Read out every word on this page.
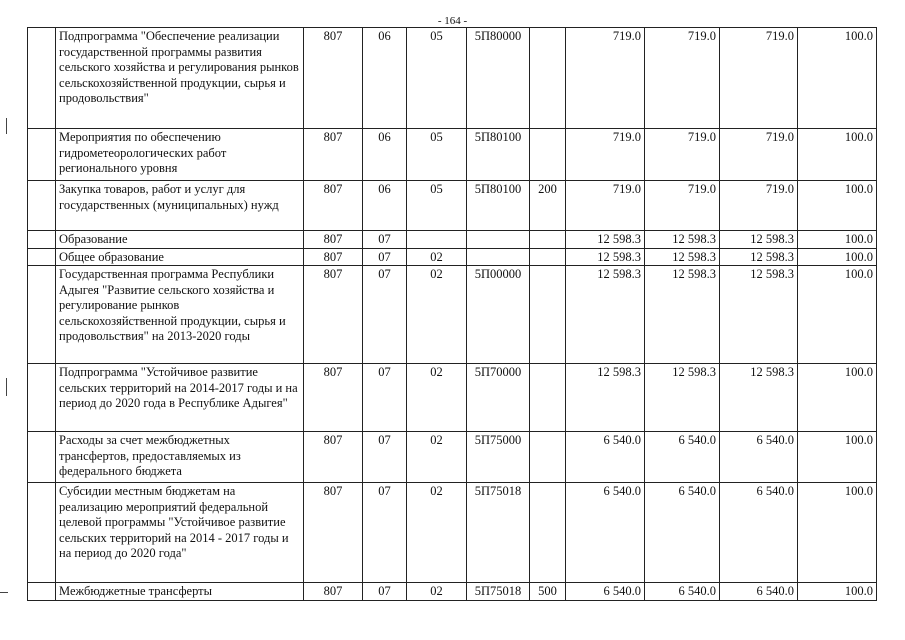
- 164 -
	Подпрограмма "Обеспечение реализации государственной программы развития сельского хозяйства и регулирования рынков сельскохозяйственной продукции, сырья и продовольствия"	807	06	05	5П80000		719.0	719.0	719.0	100.0
	Мероприятия по обеспечению гидрометеорологических работ регионального уровня	807	06	05	5П80100		719.0	719.0	719.0	100.0
	Закупка товаров, работ и услуг для государственных (муниципальных) нужд	807	06	05	5П80100	200	719.0	719.0	719.0	100.0
	Образование	807	07				12 598.3	12 598.3	12 598.3	100.0
	Общее образование	807	07	02			12 598.3	12 598.3	12 598.3	100.0
	Государственная программа Республики Адыгея "Развитие сельского хозяйства и регулирование рынков сельскохозяйственной продукции, сырья и продовольствия" на 2013-2020 годы	807	07	02	5П00000		12 598.3	12 598.3	12 598.3	100.0
	Подпрограмма "Устойчивое развитие сельских территорий на 2014-2017 годы и на период до 2020 года в Республике Адыгея"	807	07	02	5П70000		12 598.3	12 598.3	12 598.3	100.0
	Расходы за счет межбюджетных трансфертов, предоставляемых из федерального бюджета	807	07	02	5П75000		6 540.0	6 540.0	6 540.0	100.0
	Субсидии местным бюджетам на реализацию мероприятий федеральной целевой программы "Устойчивое развитие сельских территорий на 2014 - 2017 годы и на период до 2020 года"	807	07	02	5П75018		6 540.0	6 540.0	6 540.0	100.0
	Межбюджетные трансферты	807	07	02	5П75018	500	6 540.0	6 540.0	6 540.0	100.0
